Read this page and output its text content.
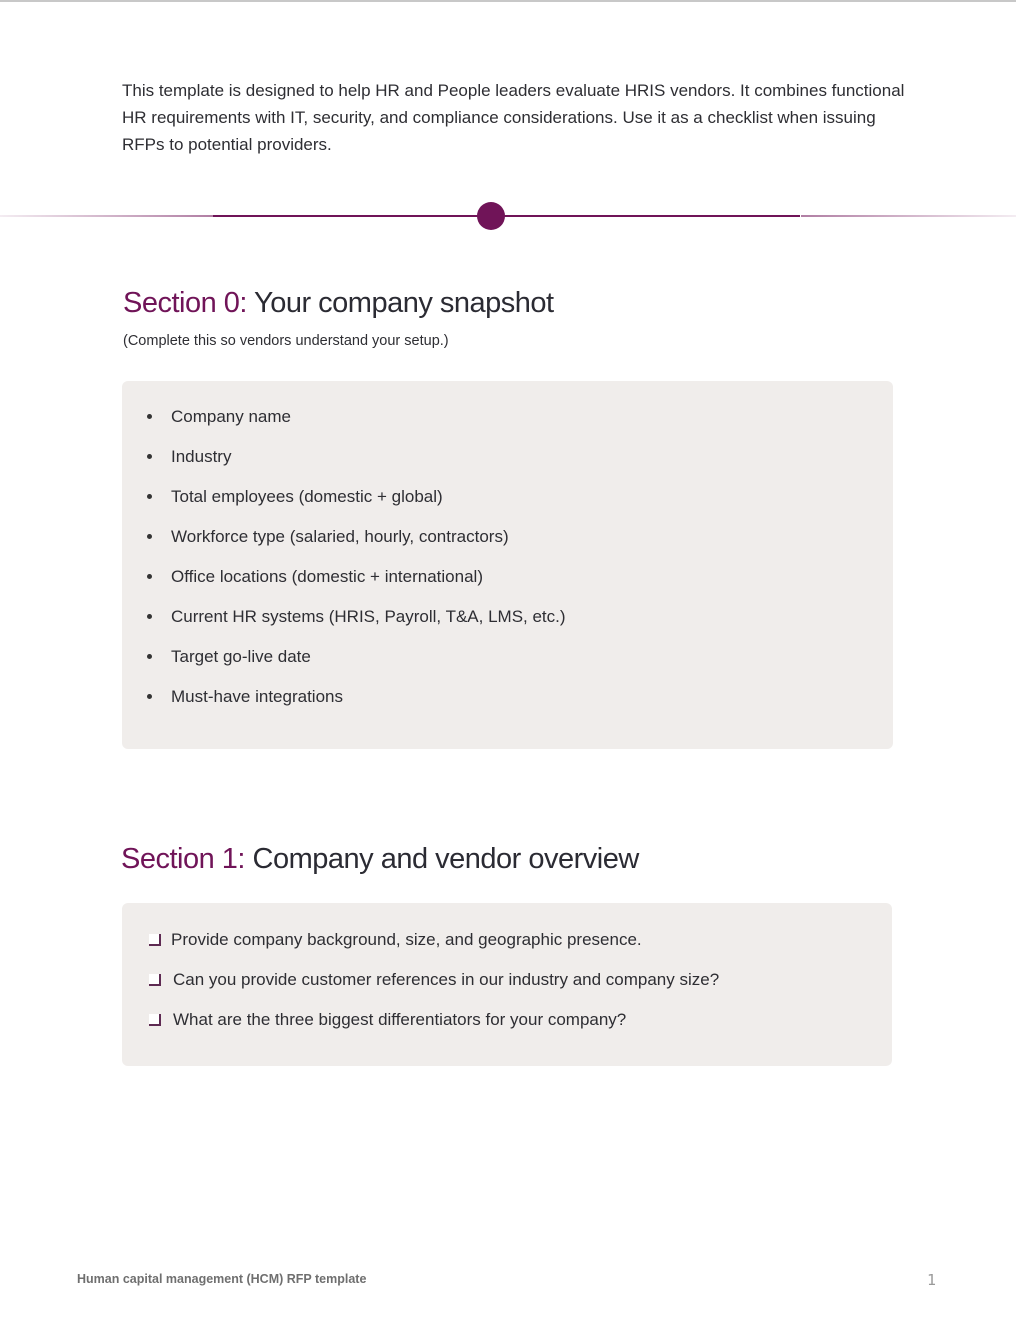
This template is designed to help HR and People leaders evaluate HRIS vendors. It combines functional HR requirements with IT, security, and compliance considerations. Use it as a checklist when issuing RFPs to potential providers.

Section 0: Your company snapshot

(Complete this so vendors understand your setup.)

Company name
Industry
Total employees (domestic + global)
Workforce type (salaried, hourly, contractors)
Office locations (domestic + international)
Current HR systems (HRIS, Payroll, T&A, LMS, etc.)
Target go-live date
Must-have integrations
Section 1: Company and vendor overview
Provide company background, size, and geographic presence.
Can you provide customer references in our industry and company size?
What are the three biggest differentiators for your company?

Human capital management (HCM) RFP template	1
